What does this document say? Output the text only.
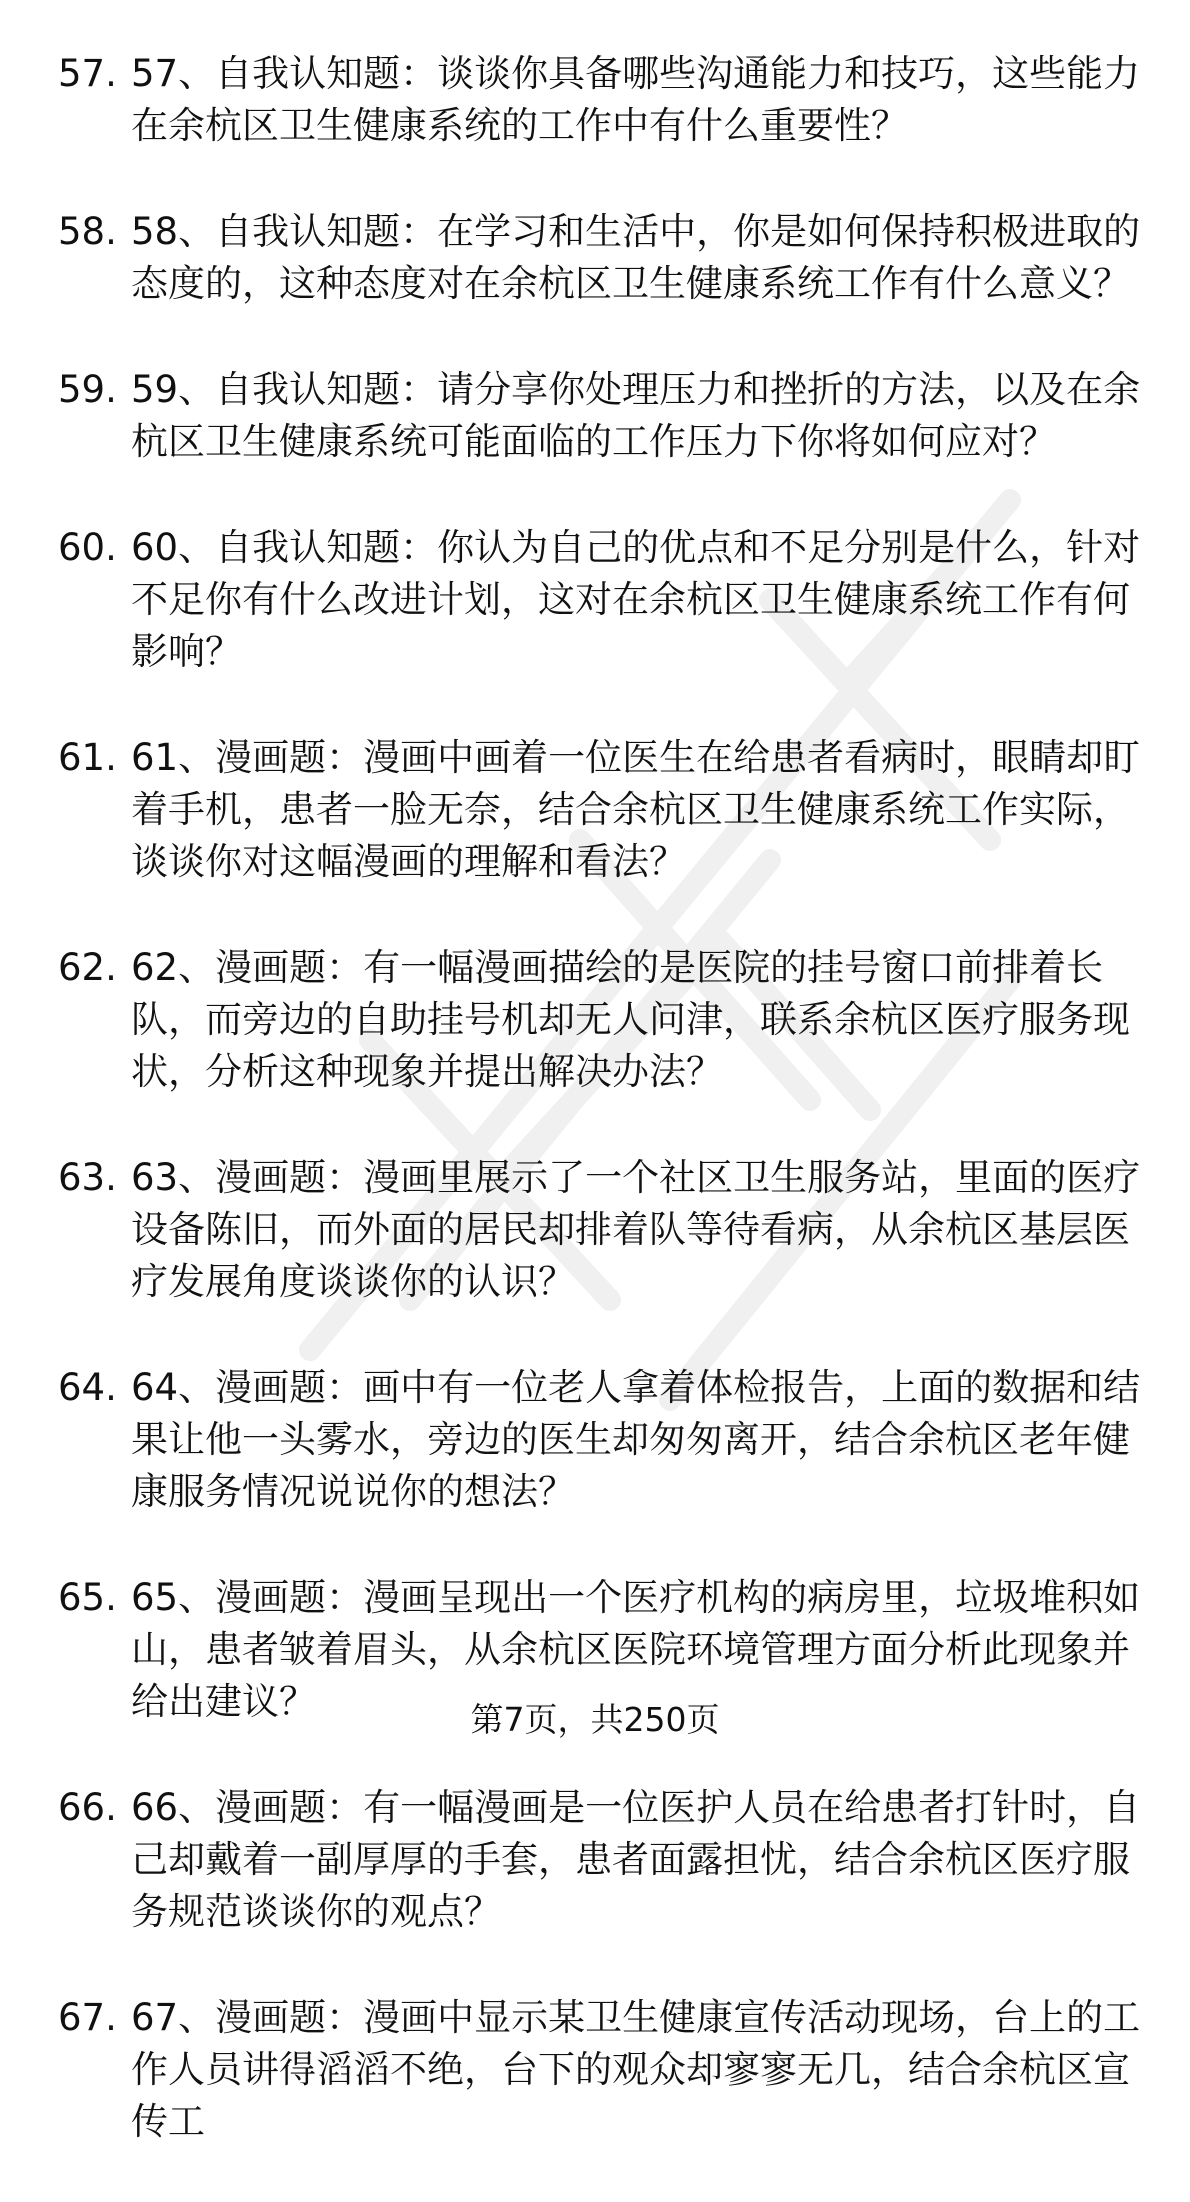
57. 57、自我认知题：谈谈你具备哪些沟通能力和技巧，这些能力在余杭区卫生健康系统的工作中有什么重要性？
58. 58、自我认知题：在学习和生活中，你是如何保持积极进取的态度的，这种态度对在余杭区卫生健康系统工作有什么意义？
59. 59、自我认知题：请分享你处理压力和挫折的方法，以及在余杭区卫生健康系统可能面临的工作压力下你将如何应对？
60. 60、自我认知题：你认为自己的优点和不足分别是什么，针对不足你有什么改进计划，这对在余杭区卫生健康系统工作有何影响？
61. 61、漫画题：漫画中画着一位医生在给患者看病时，眼睛却盯着手机，患者一脸无奈，结合余杭区卫生健康系统工作实际，谈谈你对这幅漫画的理解和看法？
62. 62、漫画题：有一幅漫画描绘的是医院的挂号窗口前排着长队，而旁边的自助挂号机却无人问津，联系余杭区医疗服务现状，分析这种现象并提出解决办法？
63. 63、漫画题：漫画里展示了一个社区卫生服务站，里面的医疗设备陈旧，而外面的居民却排着队等待看病，从余杭区基层医疗发展角度谈谈你的认识？
64. 64、漫画题：画中有一位老人拿着体检报告，上面的数据和结果让他一头雾水，旁边的医生却匆匆离开，结合余杭区老年健康服务情况说说你的想法？
65. 65、漫画题：漫画呈现出一个医疗机构的病房里，垃圾堆积如山，患者皱着眉头，从余杭区医院环境管理方面分析此现象并给出建议？
66. 66、漫画题：有一幅漫画是一位医护人员在给患者打针时，自己却戴着一副厚厚的手套，患者面露担忧，结合余杭区医疗服务规范谈谈你的观点？
67. 67、漫画题：漫画中显示某卫生健康宣传活动现场，台上的工作人员讲得滔滔不绝，台下的观众却寥寥无几，结合余杭区宣传工
第7页，共250页
